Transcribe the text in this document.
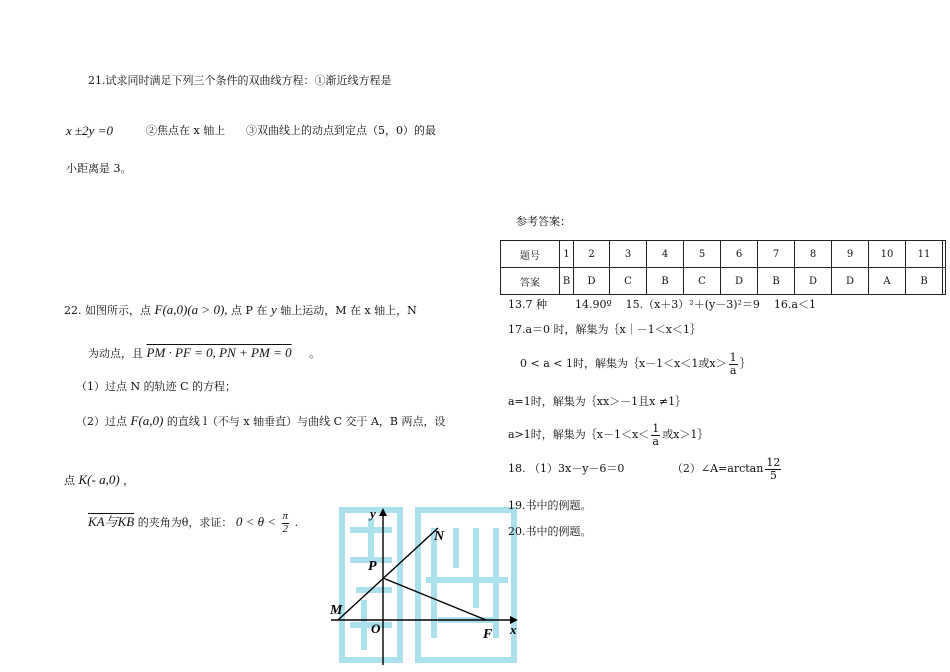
21.试求同时满足下列三个条件的双曲线方程：①渐近线方程是
x ±2y =0	②焦点在 x 轴上 ③双曲线上的动点到定点（5，0）的最
小距离是 3。
22. 如图所示，点 F(a,0)(a > 0), 点 P 在 y 轴上运动，M 在 x 轴上，N
为动点，且 PM · PF = 0, PN + PM = 0 。
（1）过点 N 的轨迹 C 的方程；
（2）过点 F(a,0) 的直线 l（不与 x 轴垂直）与曲线 C 交于 A，B 两点，设
点 K(- a,0) ，
KA与KB 的夹角为θ，求证： $0 < \theta < \frac{\pi}{2}$ .
y
x
N
P
M
O	F
参考答案：
题号	1	2	3	4	5	6	7	8	9	10	11	
答案	B	D	C	B	C	D	B	D	D	A	B	
13.7 种        14.90º    15.（x＋3）²＋(y－3)²＝9    16.a＜1
17.a＝0 时，解集为｛x｜－1＜x＜1｝
0 < a < 1时，解集为｛x－1＜x＜1或$x> \frac{1}{a}$ ｝
a=1时，解集为｛xx＞－1且x ≠1｝
a>1时，解集为｛x－1＜x＜ $\frac{1}{a}$ 或x＞1｝
18. （1）3x－y－6＝0	（2）∠A=arctan $\frac{12}{5}$
19.书中的例题。
20.书中的例题。
